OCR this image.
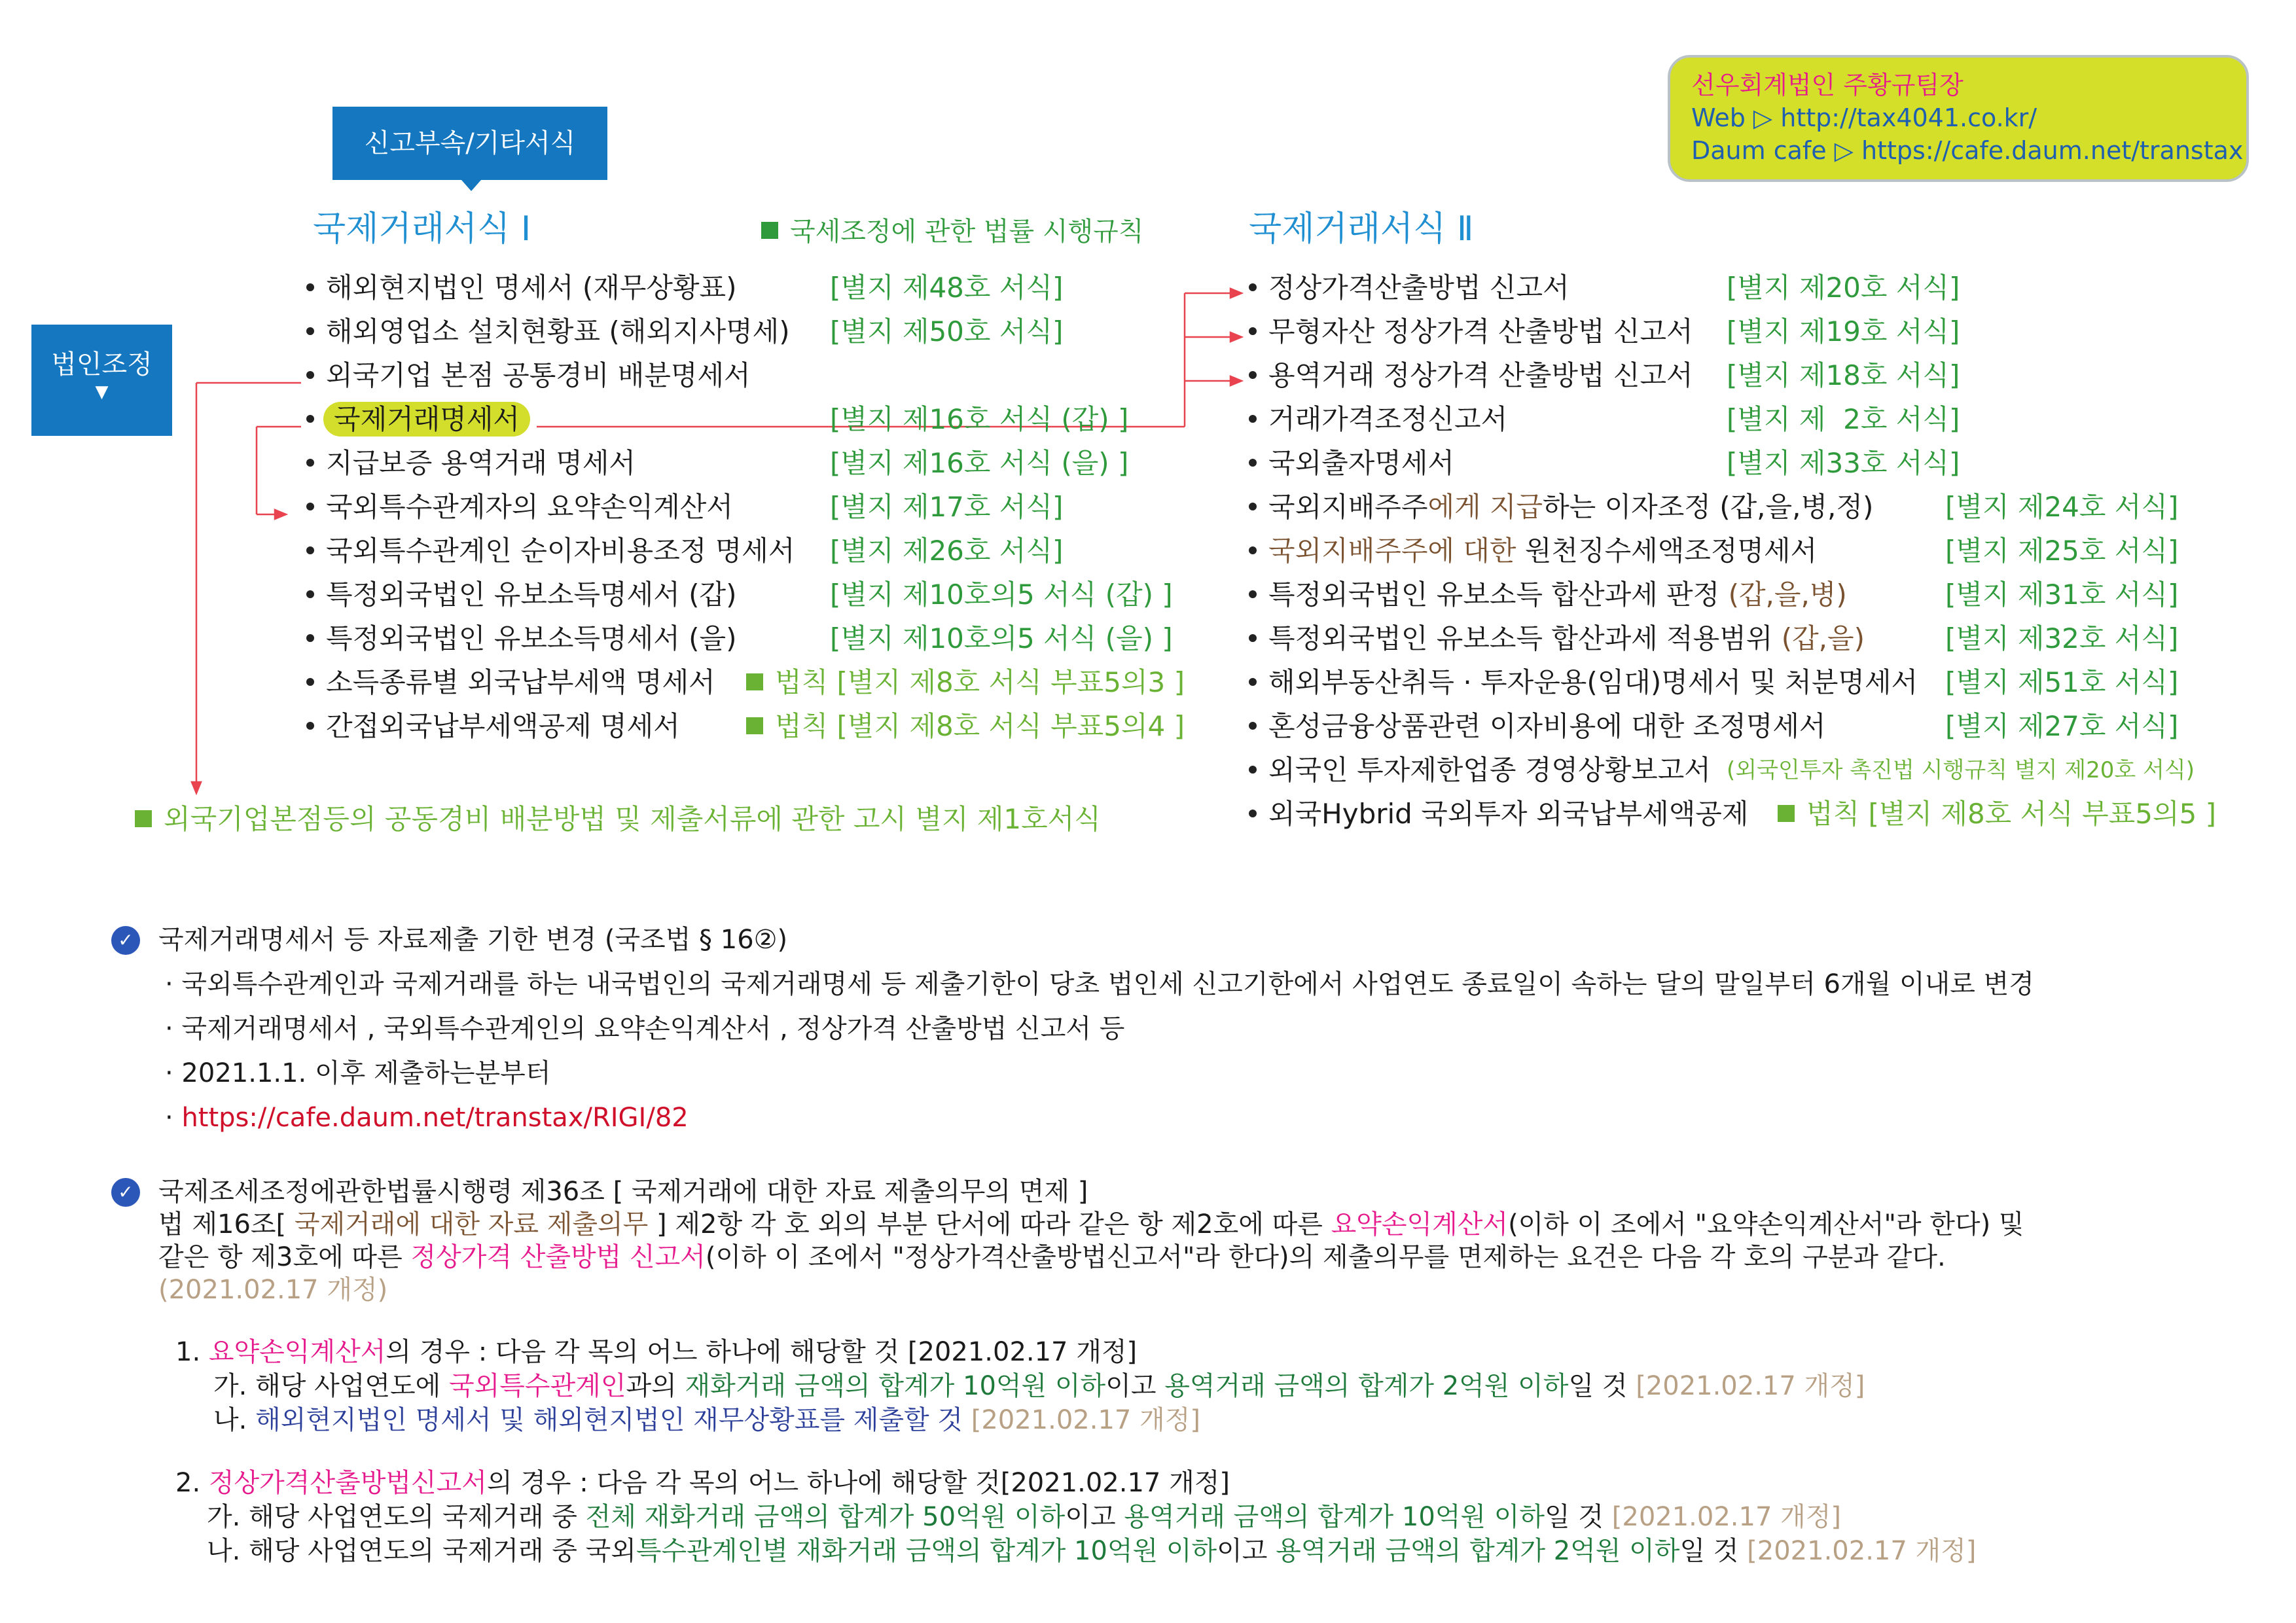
선우회계법인 주황규팀장
Web ▷ http://tax4041.co.kr/
Daum cafe ▷ https://cafe.daum.net/transtax
신고부속/기타서식
법인조정
▼
국제거래서식 Ⅰ	국세조정에 관한 법률 시행규칙	국제거래서식 Ⅱ
해외현지법인 명세서 (재무상황표)	[별지 제48호 서식]
해외영업소 설치현황표 (해외지사명세) [별지 제50호 서식]
외국기업 본점 공통경비 배분명세서
국제거래명세서	[별지 제16호 서식 (갑) ]
지급보증 용역거래 명세서	[별지 제16호 서식 (을) ]
국외특수관계자의 요약손익계산서	[별지 제17호 서식]
국외특수관계인 순이자비용조정 명세서 [별지 제26호 서식]
특정외국법인 유보소득명세서 (갑)	[별지 제10호의5 서식 (갑) ]
특정외국법인 유보소득명세서 (을)	[별지 제10호의5 서식 (을) ]
소득종류별 외국납부세액 명세서	법칙 [별지 제8호 서식 부표5의3 ]
간접외국납부세액공제 명세서	법칙 [별지 제8호 서식 부표5의4 ]
외국기업본점등의 공동경비 배분방법 및 제출서류에 관한 고시 별지 제1호서식
정상가격산출방법 신고서	[별지 제20호 서식]
무형자산 정상가격 산출방법 신고서 [별지 제19호 서식]
용역거래 정상가격 산출방법 신고서 [별지 제18호 서식]
거래가격조정신고서	[별지 제  2호 서식]
국외출자명세서	[별지 제33호 서식]
국외지배주주에게 지급하는 이자조정 (갑,을,병,정)	[별지 제24호 서식]
국외지배주주에 대한 원천징수세액조정명세서	[별지 제25호 서식]
특정외국법인 유보소득 합산과세 판정 (갑,을,병)	[별지 제31호 서식]
특정외국법인 유보소득 합산과세 적용범위 (갑,을)	[별지 제32호 서식]
해외부동산취득 · 투자운용(임대)명세서 및 처분명세서 [별지 제51호 서식]
혼성금융상품관련 이자비용에 대한 조정명세서	[별지 제27호 서식]
외국인 투자제한업종 경영상황보고서 (외국인투자 촉진법 시행규칙 별지 제20호 서식)
외국Hybrid 국외투자 외국납부세액공제	법칙 [별지 제8호 서식 부표5의5 ]
✓ 국제거래명세서 등 자료제출 기한 변경 (국조법 § 16②)
· 국외특수관계인과 국제거래를 하는 내국법인의 국제거래명세 등 제출기한이 당초 법인세 신고기한에서 사업연도 종료일이 속하는 달의 말일부터 6개월 이내로 변경
· 국제거래명세서 , 국외특수관계인의 요약손익계산서 , 정상가격 산출방법 신고서 등
· 2021.1.1. 이후 제출하는분부터
· https://cafe.daum.net/transtax/RIGI/82
✓ 국제조세조정에관한법률시행령 제36조 [ 국제거래에 대한 자료 제출의무의 면제 ]
법 제16조[ 국제거래에 대한 자료 제출의무 ] 제2항 각 호 외의 부분 단서에 따라 같은 항 제2호에 따른 요약손익계산서(이하 이 조에서 "요약손익계산서"라 한다) 및
같은 항 제3호에 따른 정상가격 산출방법 신고서(이하 이 조에서 "정상가격산출방법신고서"라 한다)의 제출의무를 면제하는 요건은 다음 각 호의 구분과 같다.
(2021.02.17 개정)
1. 요약손익계산서의 경우 : 다음 각 목의 어느 하나에 해당할 것 [2021.02.17 개정]
가. 해당 사업연도에 국외특수관계인과의 재화거래 금액의 합계가 10억원 이하이고 용역거래 금액의 합계가 2억원 이하일 것 [2021.02.17 개정]
나. 해외현지법인 명세서 및 해외현지법인 재무상황표를 제출할 것 [2021.02.17 개정]
2. 정상가격산출방법신고서의 경우 : 다음 각 목의 어느 하나에 해당할 것[2021.02.17 개정]
가. 해당 사업연도의 국제거래 중 전체 재화거래 금액의 합계가 50억원 이하이고 용역거래 금액의 합계가 10억원 이하일 것 [2021.02.17 개정]
나. 해당 사업연도의 국제거래 중 국외특수관계인별 재화거래 금액의 합계가 10억원 이하이고 용역거래 금액의 합계가 2억원 이하일 것 [2021.02.17 개정]
